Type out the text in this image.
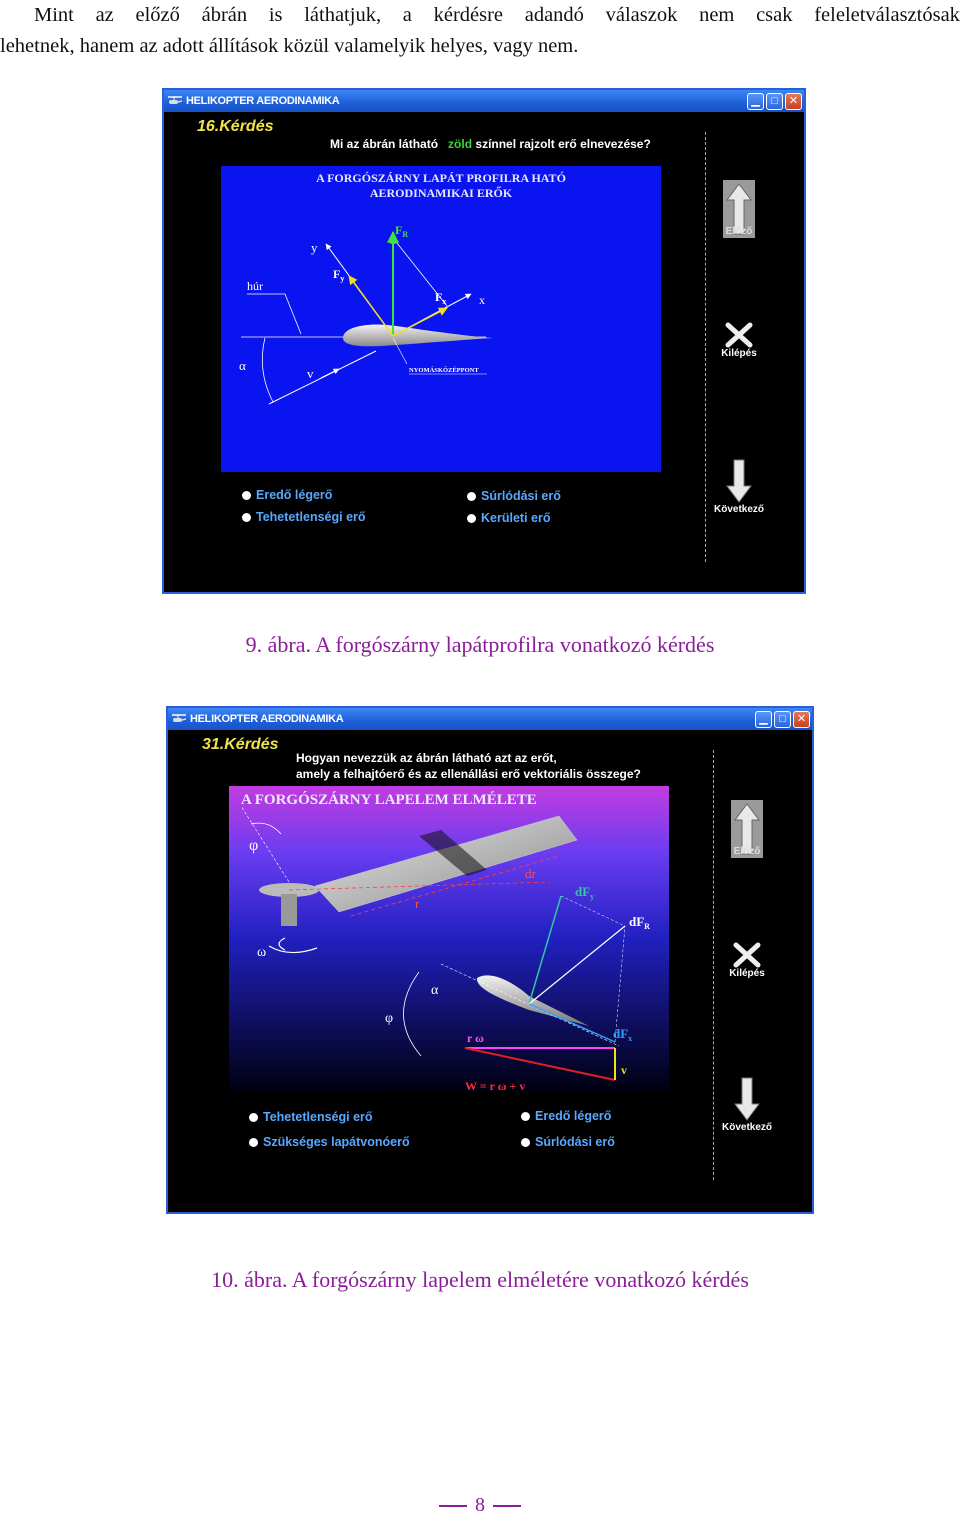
Mint az előző ábrán is láthatjuk, a kérdésre adandó válaszok nem csak feleletválasztósak
lehetnek, hanem az adott állítások közül valamelyik helyes, vagy nem.
HELIKOPTER AERODINAMIKA	▁	□	✕
16.Kérdés
Mi az ábrán látható zöld színnel rajzolt erő elnevezése?
A FORGÓSZÁRNY LAPÁT PROFILRA HATÓ
AERODINAMIKAI ERŐK
y
$F_R$
$F_y$
$F_x$	x
húr
α
v	NYOMÁSKÖZÉPPONT
Előző
Kilépés
Következő
Eredő légerő
Tehetetlenségi erő
Súrlódási erő
Kerületi erő
9. ábra. A forgószárny lapátprofilra vonatkozó kérdés
HELIKOPTER AERODINAMIKA	▁	□	✕
31.Kérdés
Hogyan nevezzük az ábrán látható azt az erőt,
amely a felhajtóerő és az ellenállási erő vektoriális összege?
A FORGÓSZÁRNY LAPELEM ELMÉLETE
φ
dr
r
$dF_y$
$dF_R$
ω
φ
α
r ω	$dF_x$
W = r ω + v
v
Előző
Kilépés
Következő
Tehetetlenségi erő
Szükséges lapátvonóerő
Eredő légerő
Súrlódási erő
10. ábra. A forgószárny lapelem elméletére vonatkozó kérdés
8
